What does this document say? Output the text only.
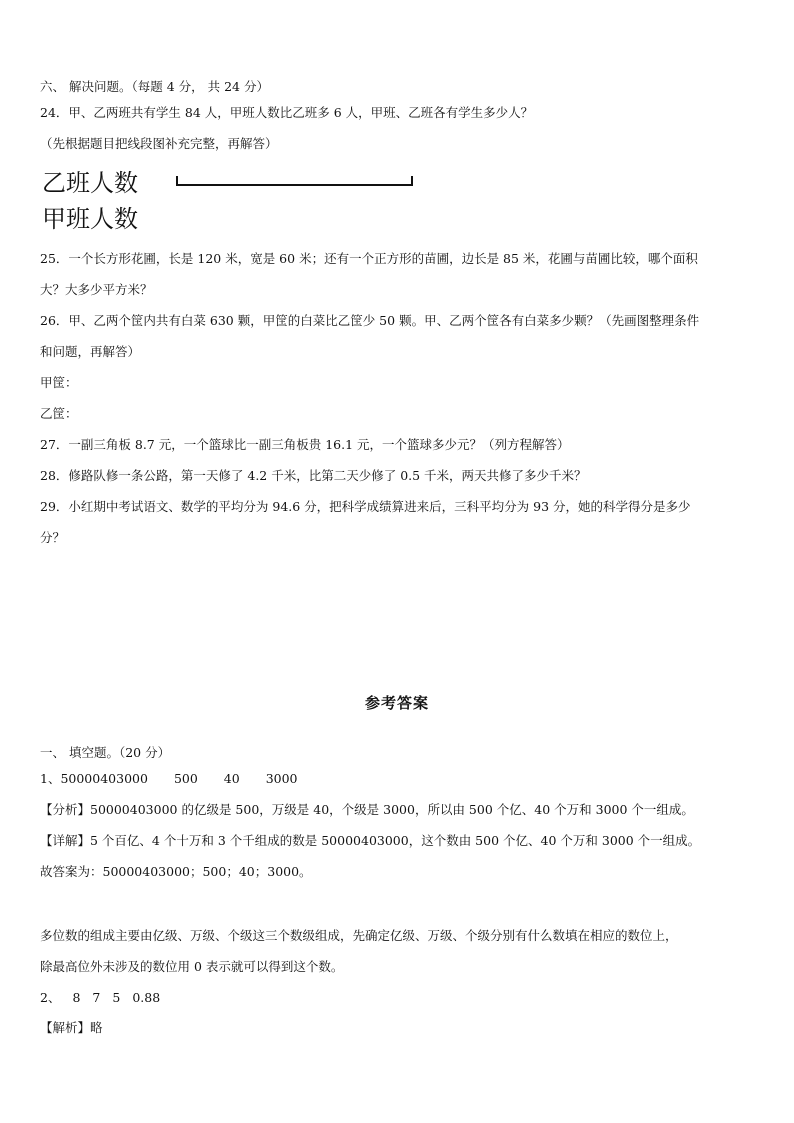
六、 解决问题。（每题 4 分， 共 24 分）
24．甲、乙两班共有学生 84 人，甲班人数比乙班多 6 人，甲班、乙班各有学生多少人？
（先根据题目把线段图补充完整，再解答）
乙班人数
甲班人数
25．一个长方形花圃，长是 120 米，宽是 60 米；还有一个正方形的苗圃，边长是 85 米，花圃与苗圃比较，哪个面积
大？大多少平方米？
26．甲、乙两个筐内共有白菜 630 颗，甲筐的白菜比乙筐少 50 颗。甲、乙两个筐各有白菜多少颗？（先画图整理条件
和问题，再解答）
甲筐：
乙筐：
27．一副三角板 8.7 元，一个篮球比一副三角板贵 16.1 元，一个篮球多少元？（列方程解答）
28．修路队修一条公路，第一天修了 4.2 千米，比第二天少修了 0.5 千米，两天共修了多少千米？
29．小红期中考试语文、数学的平均分为 94.6 分，把科学成绩算进来后，三科平均分为 93 分，她的科学得分是多少
分？
参考答案
一、 填空题。（20 分）
1、50000403000 500 40 3000
【分析】50000403000 的亿级是 500，万级是 40，个级是 3000，所以由 500 个亿、40 个万和 3000 个一组成。
【详解】5 个百亿、4 个十万和 3 个千组成的数是 50000403000，这个数由 500 个亿、40 个万和 3000 个一组成。
故答案为：50000403000；500；40；3000。
多位数的组成主要由亿级、万级、个级这三个数级组成，先确定亿级、万级、个级分别有什么数填在相应的数位上，
除最高位外未涉及的数位用 0 表示就可以得到这个数。
2、 8 7 5 0.88
【解析】略
